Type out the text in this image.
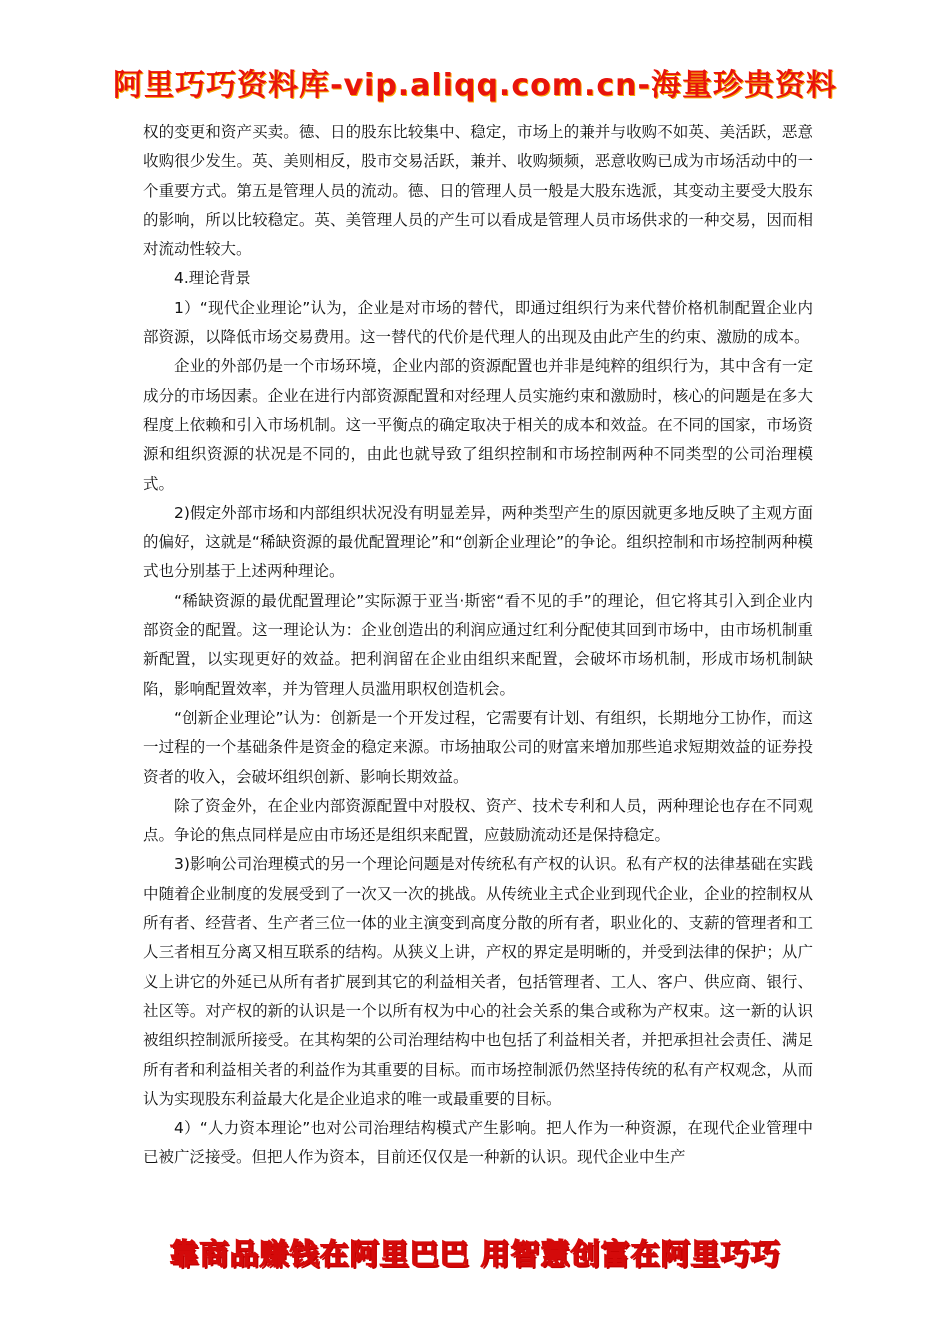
阿里巧巧资料库-vip.aliqq.com.cn-海量珍贵资料

权的变更和资产买卖。德、日的股东比较集中、稳定，市场上的兼并与收购不如英、美活跃，恶意收购很少发生。英、美则相反，股市交易活跃，兼并、收购频频，恶意收购已成为市场活动中的一个重要方式。第五是管理人员的流动。德、日的管理人员一般是大股东选派，其变动主要受大股东的影响，所以比较稳定。英、美管理人员的产生可以看成是管理人员市场供求的一种交易，因而相对流动性较大。

4.理论背景

1）“现代企业理论”认为，企业是对市场的替代，即通过组织行为来代替价格机制配置企业内部资源，以降低市场交易费用。这一替代的代价是代理人的出现及由此产生的约束、激励的成本。

企业的外部仍是一个市场环境，企业内部的资源配置也并非是纯粹的组织行为，其中含有一定成分的市场因素。企业在进行内部资源配置和对经理人员实施约束和激励时，核心的问题是在多大程度上依赖和引入市场机制。这一平衡点的确定取决于相关的成本和效益。在不同的国家，市场资源和组织资源的状况是不同的，由此也就导致了组织控制和市场控制两种不同类型的公司治理模式。

2)假定外部市场和内部组织状况没有明显差异，两种类型产生的原因就更多地反映了主观方面的偏好，这就是“稀缺资源的最优配置理论”和“创新企业理论”的争论。组织控制和市场控制两种模式也分别基于上述两种理论。

“稀缺资源的最优配置理论”实际源于亚当·斯密“看不见的手”的理论，但它将其引入到企业内部资金的配置。这一理论认为：企业创造出的利润应通过红利分配使其回到市场中，由市场机制重新配置，以实现更好的效益。把利润留在企业由组织来配置，会破坏市场机制，形成市场机制缺陷，影响配置效率，并为管理人员滥用职权创造机会。

“创新企业理论”认为：创新是一个开发过程，它需要有计划、有组织，长期地分工协作，而这一过程的一个基础条件是资金的稳定来源。市场抽取公司的财富来增加那些追求短期效益的证券投资者的收入，会破坏组织创新、影响长期效益。

除了资金外，在企业内部资源配置中对股权、资产、技术专利和人员，两种理论也存在不同观点。争论的焦点同样是应由市场还是组织来配置，应鼓励流动还是保持稳定。

3)影响公司治理模式的另一个理论问题是对传统私有产权的认识。私有产权的法律基础在实践中随着企业制度的发展受到了一次又一次的挑战。从传统业主式企业到现代企业，企业的控制权从所有者、经营者、生产者三位一体的业主演变到高度分散的所有者，职业化的、支薪的管理者和工人三者相互分离又相互联系的结构。从狭义上讲，产权的界定是明晰的，并受到法律的保护；从广义上讲它的外延已从所有者扩展到其它的利益相关者，包括管理者、工人、客户、供应商、银行、社区等。对产权的新的认识是一个以所有权为中心的社会关系的集合或称为产权束。这一新的认识被组织控制派所接受。在其构架的公司治理结构中也包括了利益相关者，并把承担社会责任、满足所有者和利益相关者的利益作为其重要的目标。而市场控制派仍然坚持传统的私有产权观念，从而认为实现股东利益最大化是企业追求的唯一或最重要的目标。

4）“人力资本理论”也对公司治理结构模式产生影响。把人作为一种资源，在现代企业管理中已被广泛接受。但把人作为资本，目前还仅仅是一种新的认识。现代企业中生产

靠商品赚钱在阿里巴巴 用智慧创富在阿里巧巧
